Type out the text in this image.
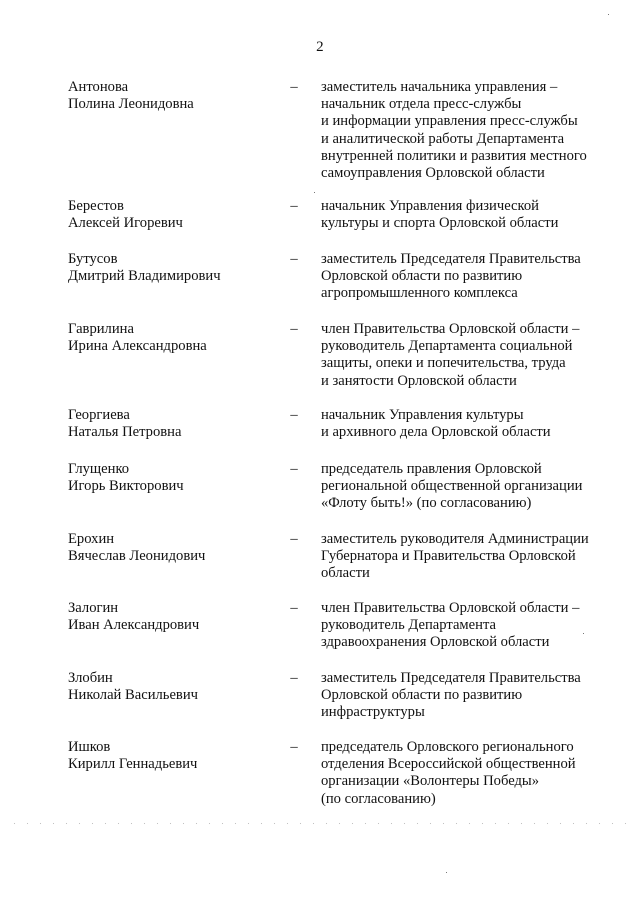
2
Антонова
Полина Леонидовна
– заместитель начальника управления –
начальник отдела пресс-службы
и информации управления пресс-службы
и аналитической работы Департамента
внутренней политики и развития местного
самоуправления Орловской области
Берестов
Алексей Игоревич
– начальник Управления физической
культуры и спорта Орловской области
Бутусов
Дмитрий Владимирович
– заместитель Председателя Правительства
Орловской области по развитию
агропромышленного комплекса
Гаврилина
Ирина Александровна
– член Правительства Орловской области –
руководитель Департамента социальной
защиты, опеки и попечительства, труда
и занятости Орловской области
Георгиева
Наталья Петровна
– начальник Управления культуры
и архивного дела Орловской области
Глущенко
Игорь Викторович
– председатель правления Орловской
региональной общественной организации
«Флоту быть!» (по согласованию)
Ерохин
Вячеслав Леонидович
– заместитель руководителя Администрации
Губернатора и Правительства Орловской
области
Залогин
Иван Александрович
– член Правительства Орловской области –
руководитель Департамента
здравоохранения Орловской области
Злобин
Николай Васильевич
– заместитель Председателя Правительства
Орловской области по развитию
инфраструктуры
Ишков
Кирилл Геннадьевич
– председатель Орловского регионального
отделения Всероссийской общественной
организации «Волонтеры Победы»
(по согласованию)
